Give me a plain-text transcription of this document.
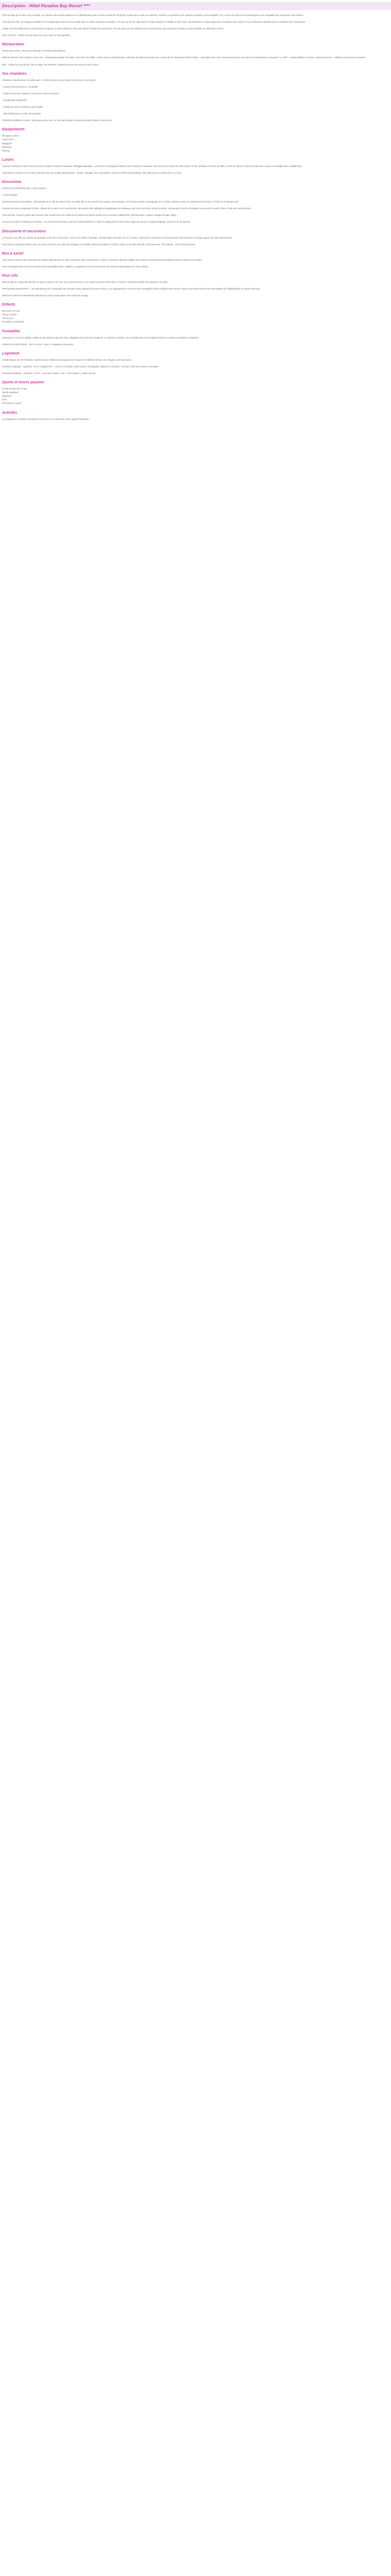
Description - Hôtel Paradise Bay Resort ****

C'est au large de la côte et de la Tunisie, au carrefour des routes maritimes de la Méditerranée que se situe la petite île de Djerba. Reliée par la route au continent, l'endroit a su préserver son caractère insulaire et sa tranquillité. On y trouve un mode de vie authentique et une hospitalité qui contribuent à son charme.

Aux portes de l'île, sur la plage de sable fin, le Paradise Bay Resort vous accueille dans un cadre verdoyant et paisible, avec vue sur la mer. Idéal pour un séjour détente en famille ou entre amis, ses chambres et suites spacieuses, sa gastronomie variée et ses nombreuses activités sauront satisfaire tous vos besoins.

L'hôtel, à la fois traditionnel et contemporain, propose un cadre idéal pour découvrir Djerba. Profitez de ses piscines, de son spa et de ses infrastructures sportives pour des vacances réussies en toute sérénité, au soleil de la Tunisie.

INFO VERITE - L'hôtel et la mer dans une zone calme et très agréable

Restauration

Durant votre séjour, vous serez hébergé en formule petit-déjeuner.

Hôtel de formule "Tout compris" et de "Vue" : Restaurant principal "El Kobla" sous forme de buffet, cuisine locale et internationale, sélection de boissons locales avec et sans alcool. Restaurant "Bab El Bhar" : spécialités de la mer et poissons (une fois par séjour, sur réservation). Restaurant "Le Grill" : viandes grillées en soirée. Snack-bar piscine : collations et boissons en journée.

Bars : Lobby-bar, bar piscine, bar de plage, bar animation. Boissons servies au verre de 10h à minuit.

Vos chambres

Chambres standard pour 2 adultes avec 1 enfant maximum, avec balcon ou terrasse et vue jardin.

- 2 grands lits jumeaux ou 1 lit double

- Salle de bain avec baignoire ou douche et sèche-cheveux

- Climatisation individuelle

- Téléphone direct et télévision par satellite

- Mini-réfrigérateur et coffre-fort (payant)

Chambres familiales et suites : plus spacieuses, avec un coin salon séparé, pouvant accueillir jusqu'à 4 personnes.

Equipements
Réception 24h/24
Accès Wi-Fi
Bagagerie
Boutiques
Parking
Loisirs

3 piscines extérieures dont une piscine pour enfants, transats et parasols. Toboggan aquatique. Accès direct à la plage de sable fin avec transats et parasols. Court de tennis, terrain de volley-ball, tir à l'arc, pétanque et tennis de table. Centre de fitness et spa avec hammam, sauna et massages (avec supplément).

Animations en journée et en soirée proposées par une équipe internationale : aérobic, aquagym, jeux, spectacles, soirées à thème et discothèque. Mini-club pour les enfants de 4 à 12 ans.

Excursions

FORFAIT EXCURSIONS dès 7 nuits minimum

1 TRS Privatisé

Journée Excursion à la Médina : visite guidée de la ville de Houmt Souk, sa vieille ville et son marché, la mosquée des Étrangers, le fort Borj El Kebir, la synagogue de la Ghriba. Déjeuner dans un restaurant local. Retour à l'hôtel en fin d'après-midi.

Journée Excursion à Matmata et Douz : départ tôt le matin vers le sud tunisien, découverte des habitations troglodytiques de Matmata, puis route vers Douz, porte du désert. Promenade à dos de dromadaire au coucher du soleil. Dîner et nuit sous tente berbère.

Cette journée, suivez le guide dans l'ancien ksar et découvrez les ruelles de la médina, les souks animés et les marchés traditionnels, l'artisanat local : poterie, tissage de tapis, bijoux.

Journée Excursion à Tataouine et Chenini : circuit à travers les ksour, greniers fortifiés berbères, et visite du village perché de Chenini. Déjeuner dans un restaurant typique. Retour en fin de journée.

Découverte et excursions

La Tunisie vous offre une variété de paysages et de sites à découvrir : Tunis et la médina, Carthage, Sidi Bou Saïd, Kairouan, El Jem, Sousse, Hammamet. Plusieurs excursions peuvent être réservées sur place auprès de notre représentant.

Excursion au Sahara pendant 2 jours, à travers le désert, les oasis de montagne de Chebika, Tamerza et Mides, le chott el Jérid, un lac salé asséché. Nuit sous tente. Prix indicatif : 160 DT par personne.

Bon à savoir

Vous pouvez réserver des excursions et activités directement sur place auprès de notre représentant. L'hôtel se réserve le droit de modifier les horaires d'ouverture des prestations selon les saisons et la météo.

Tous les équipements et services décrits sont susceptibles d'être modifiés ou supprimés à tout moment pour des raisons indépendantes de notre volonté.

Pour info

Taxe de séjour à régler directement sur place (environ 3 DT par nuit et par personne). Une caution peut être demandée à l'arrivée. Certaines activités sont payantes sur place.

PRECISIONS DESCRIPTIF : Les informations de ce descriptif sont données à titre indicatif et peuvent évoluer. Les équipements et services sont susceptibles d'être modifiés sans préavis. Nous ne pourrions être tenus responsables de l'indisponibilité de certains services.

Retrouvez toutes les informations pratiques sur votre voyage dans votre carnet de voyage.

Enfants
Mini-club 4-12 ans
Piscine enfants
Aire de jeux
Lits bébé sur demande
Formalités

Passeport en cours de validité, valable 6 mois après la date de retour, obligatoire pour tous les voyageurs, y compris les enfants. Les ressortissants non européens doivent consulter les autorités consulaires.

COURANT ELECTRIQUE : 220 V à 50 Hz. Type C. Adaptateur nécessaire.

Logement

L'hôtel dispose de 275 chambres réparties dans 3 bâtiments principaux de 3 étages et 1 bâtiment annexe de 2 étages, avec ascenseur.

Chambres standard - superficie : 28 m², équipées de : 2 lits ou 1 lit double, salle de bain, climatisation, téléphone, télévision, mini-bar, coffre-fort, balcon ou terrasse.

Chambres familiales - superficie : 40 m² : coin salon séparé, 2 lits + 2 lits simples, 2 salles de bain.

Sports et loisirs payants
Centre de bien-être et spa
Sports nautiques
Equitation
Golf
Excursions en quad
Activités

Un programme d'activités est proposé en journée et en soirée par notre équipe d'animation.
